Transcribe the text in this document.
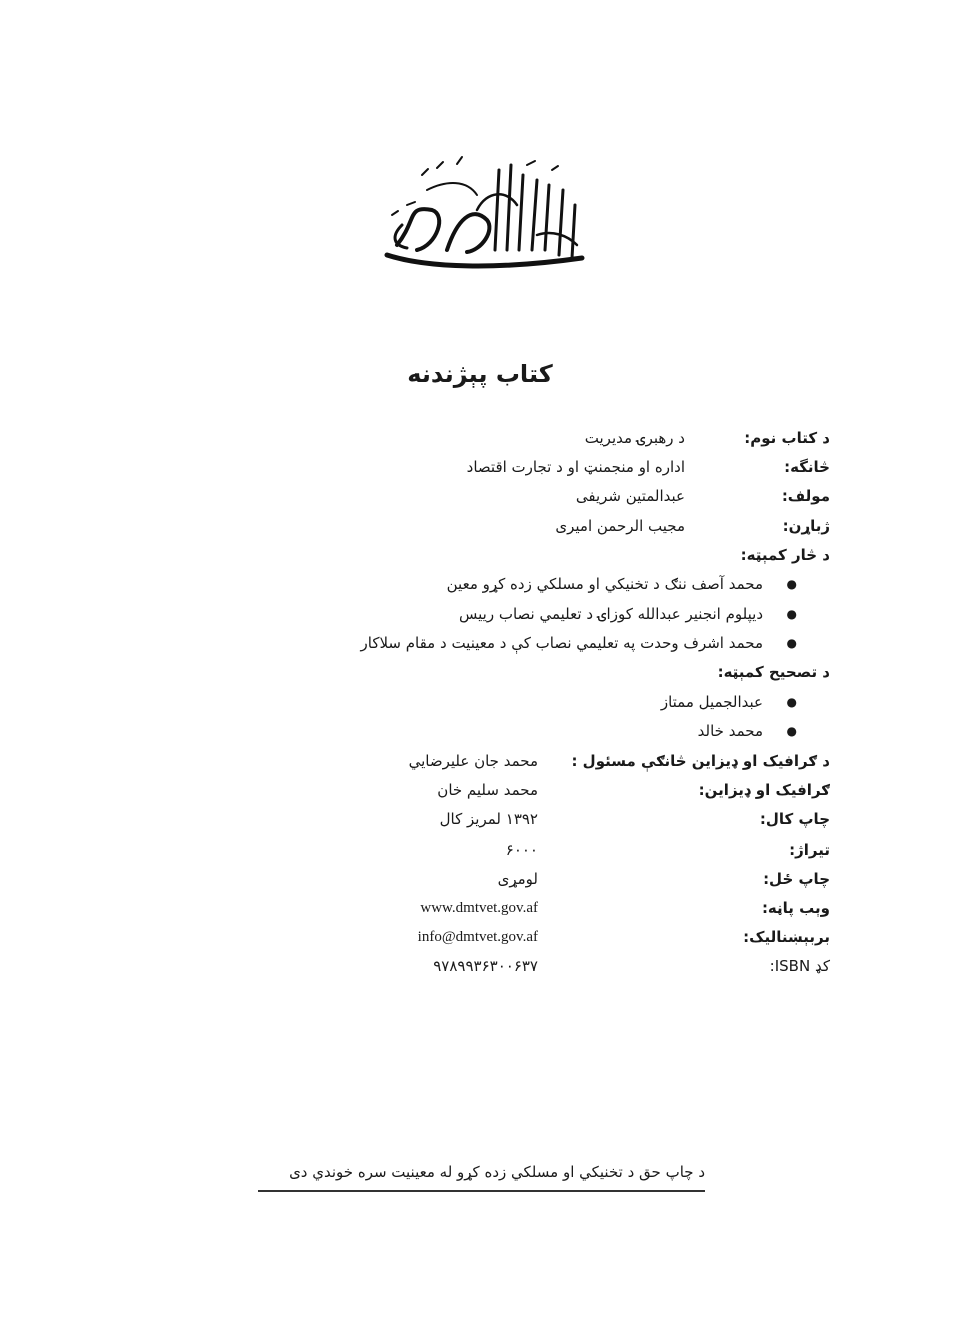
کتاب پېژندنه
د کتاب نوم:
د رهبرۍ مدیریت
څانگه:
اداره او منجمنټ او د تجارت اقتصاد
مولف:
عبدالمتین شریفی
ژباړن:
مجیب الرحمن امیری
د څار کمېټه:
●
محمد آصف ننګ د تخنیکي او مسلکي زده کړو معین
●
دیپلوم انجنیر عبدالله کوزاۍ د تعلیمي نصاب رییس
●
محمد اشرف وحدت په تعلیمي نصاب کې د معینیت د مقام سلاکار
د تصحیح کمېټه:
●
عبدالجمیل ممتاز
●
محمد خالد
د ګرافیک او ډیزاین څانګې مسئول :
محمد جان علیرضایي
ګرافیک او ډیزاین:
محمد سلیم خان
چاپ کال:
۱۳۹۲ لمریز کال
تیراژ:
۶۰۰۰
چاپ ځل:
لومړی
وېب پاڼه:
www.dmtvet.gov.af
بربېښنالیک:
info@dmtvet.gov.af
کډ ISBN:
۹۷۸۹۹۳۶۳۰۰۶۳۷
د چاپ حق د تخنیکي او مسلکي زده کړو له معینیت سره خوندي دی
